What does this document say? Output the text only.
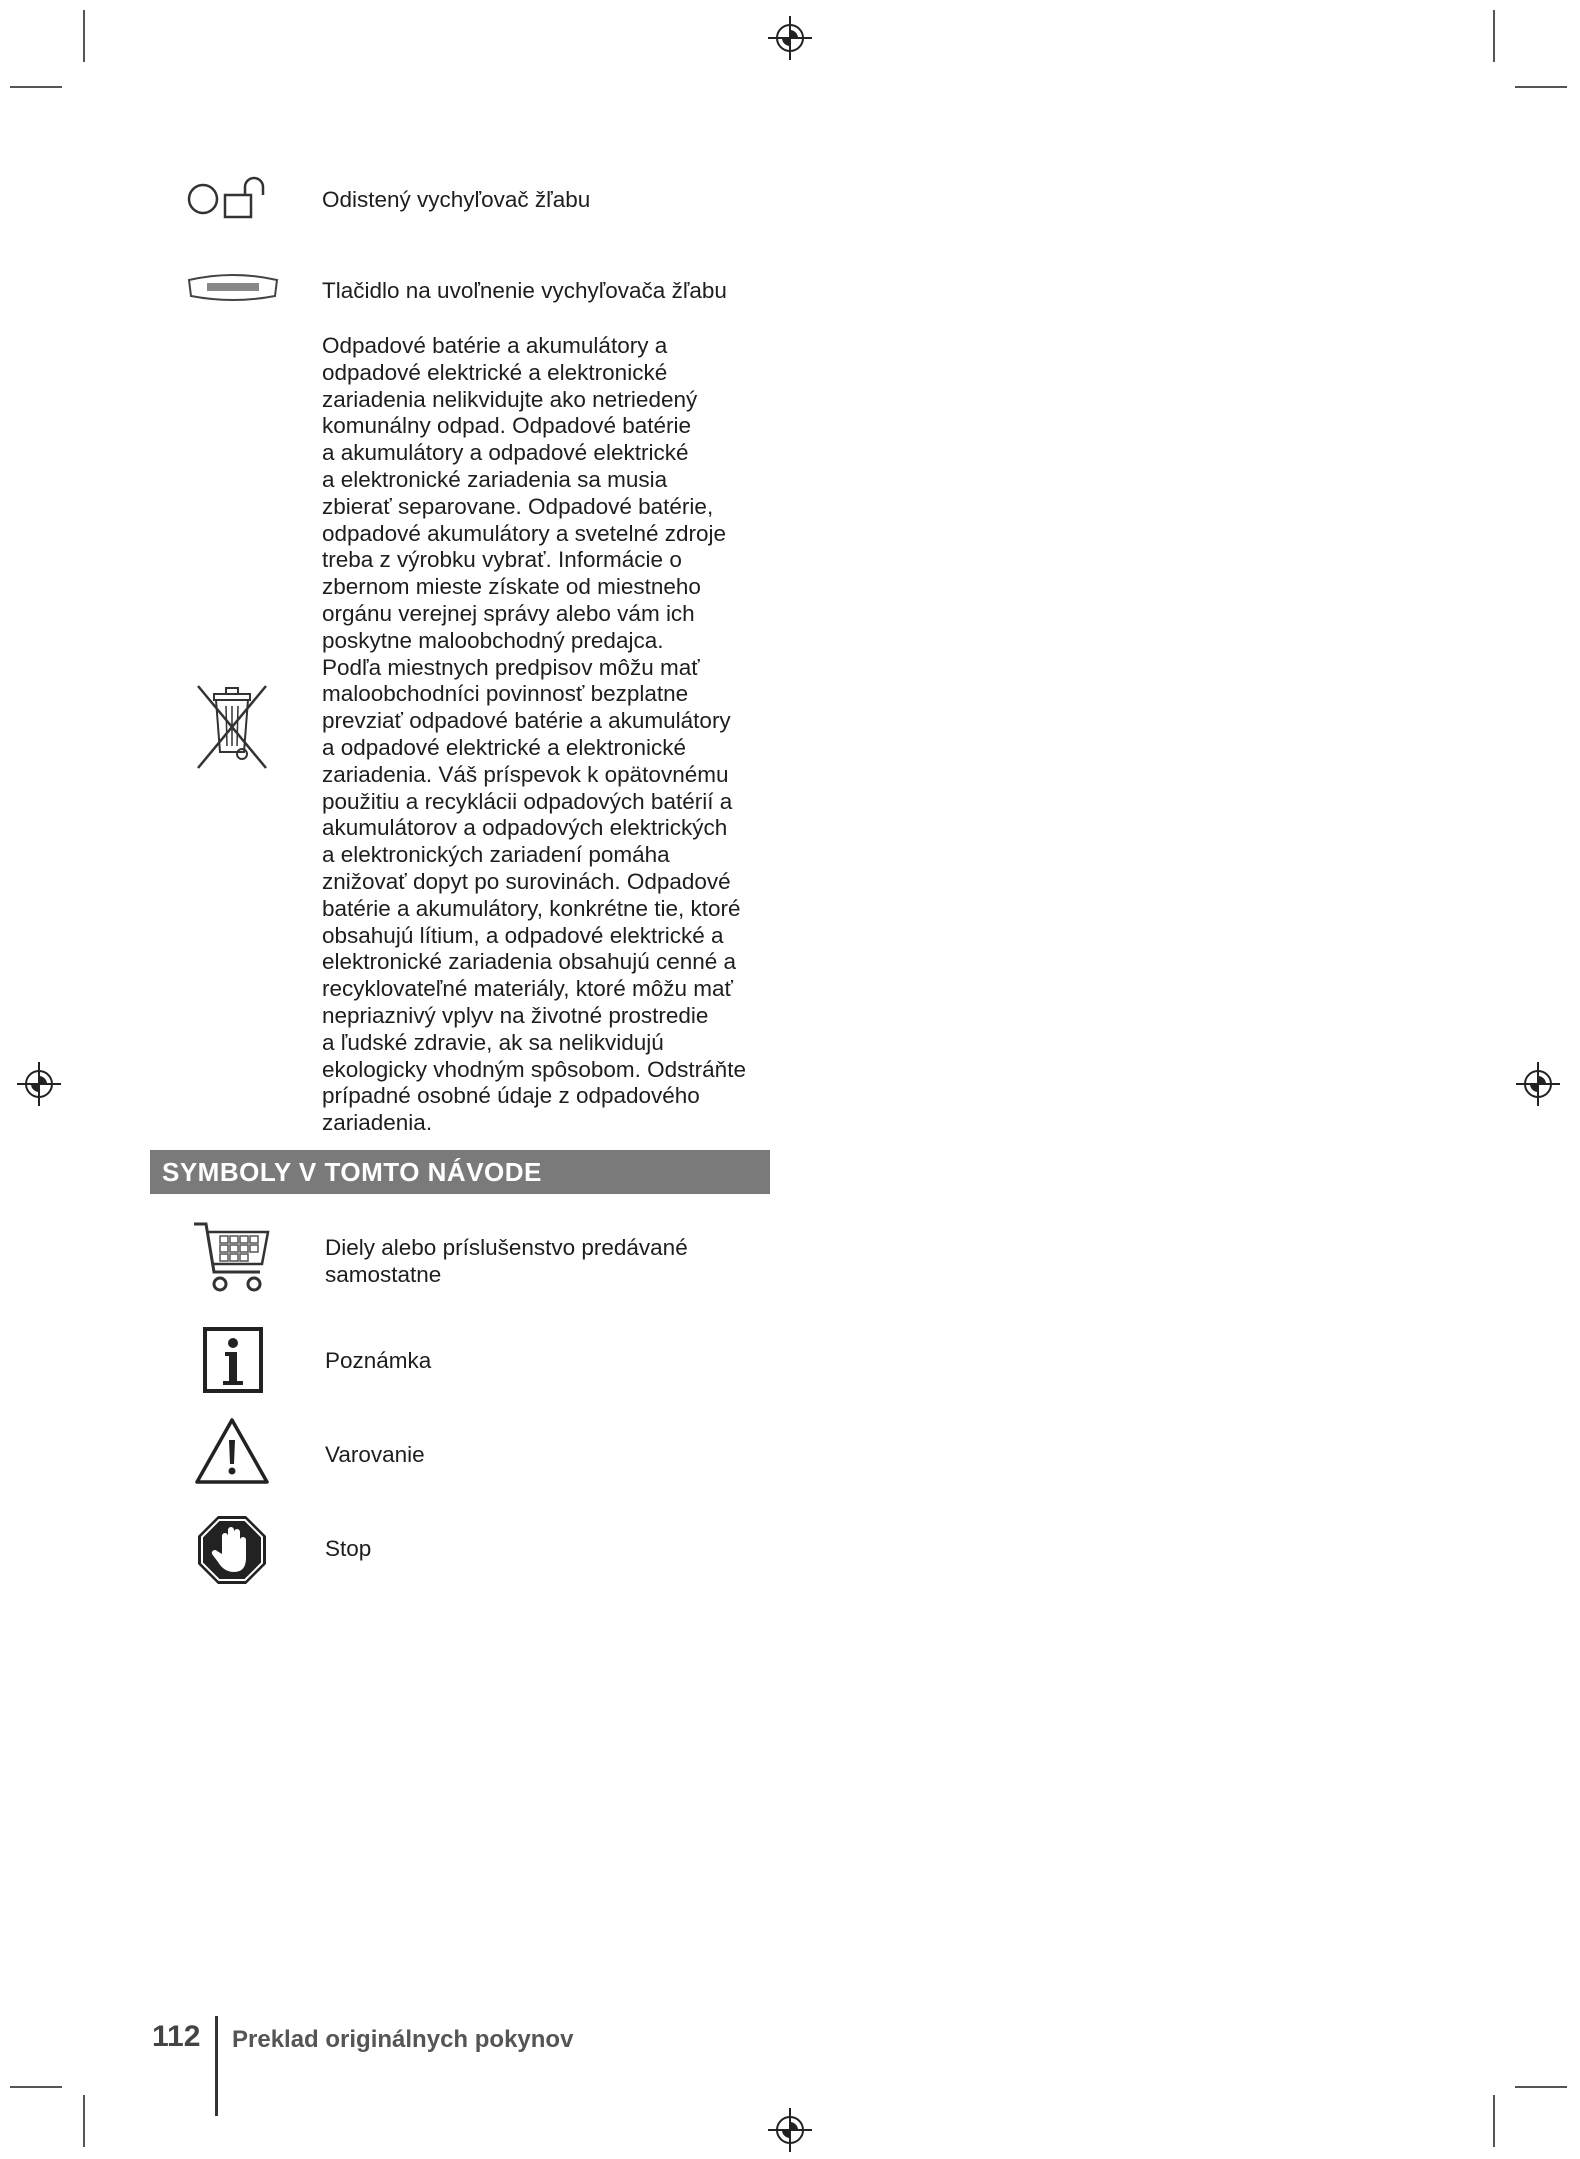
Odistený vychyľovač žľabu
Tlačidlo na uvoľnenie vychyľovača žľabu
Odpadové batérie a akumulátory a
odpadové elektrické a elektronické
zariadenia nelikvidujte ako netriedený
komunálny odpad. Odpadové batérie
a akumulátory a odpadové elektrické
a elektronické zariadenia sa musia
zbierať separovane. Odpadové batérie,
odpadové akumulátory a svetelné zdroje
treba z výrobku vybrať. Informácie o
zbernom mieste získate od miestneho
orgánu verejnej správy alebo vám ich
poskytne maloobchodný predajca.
Podľa miestnych predpisov môžu mať
maloobchodníci povinnosť bezplatne
prevziať odpadové batérie a akumulátory
a odpadové elektrické a elektronické
zariadenia. Váš príspevok k opätovnému
použitiu a recyklácii odpadových batérií a
akumulátorov a odpadových elektrických
a elektronických zariadení pomáha
znižovať dopyt po surovinách. Odpadové
batérie a akumulátory, konkrétne tie, ktoré
obsahujú lítium, a odpadové elektrické a
elektronické zariadenia obsahujú cenné a
recyklovateľné materiály, ktoré môžu mať
nepriaznivý vplyv na životné prostredie
a ľudské zdravie, ak sa nelikvidujú
ekologicky vhodným spôsobom. Odstráňte
prípadné osobné údaje z odpadového
zariadenia.
SYMBOLY V TOMTO NÁVODE
Diely alebo príslušenstvo predávané
samostatne
Poznámka
Varovanie
Stop
112 Preklad originálnych pokynov
